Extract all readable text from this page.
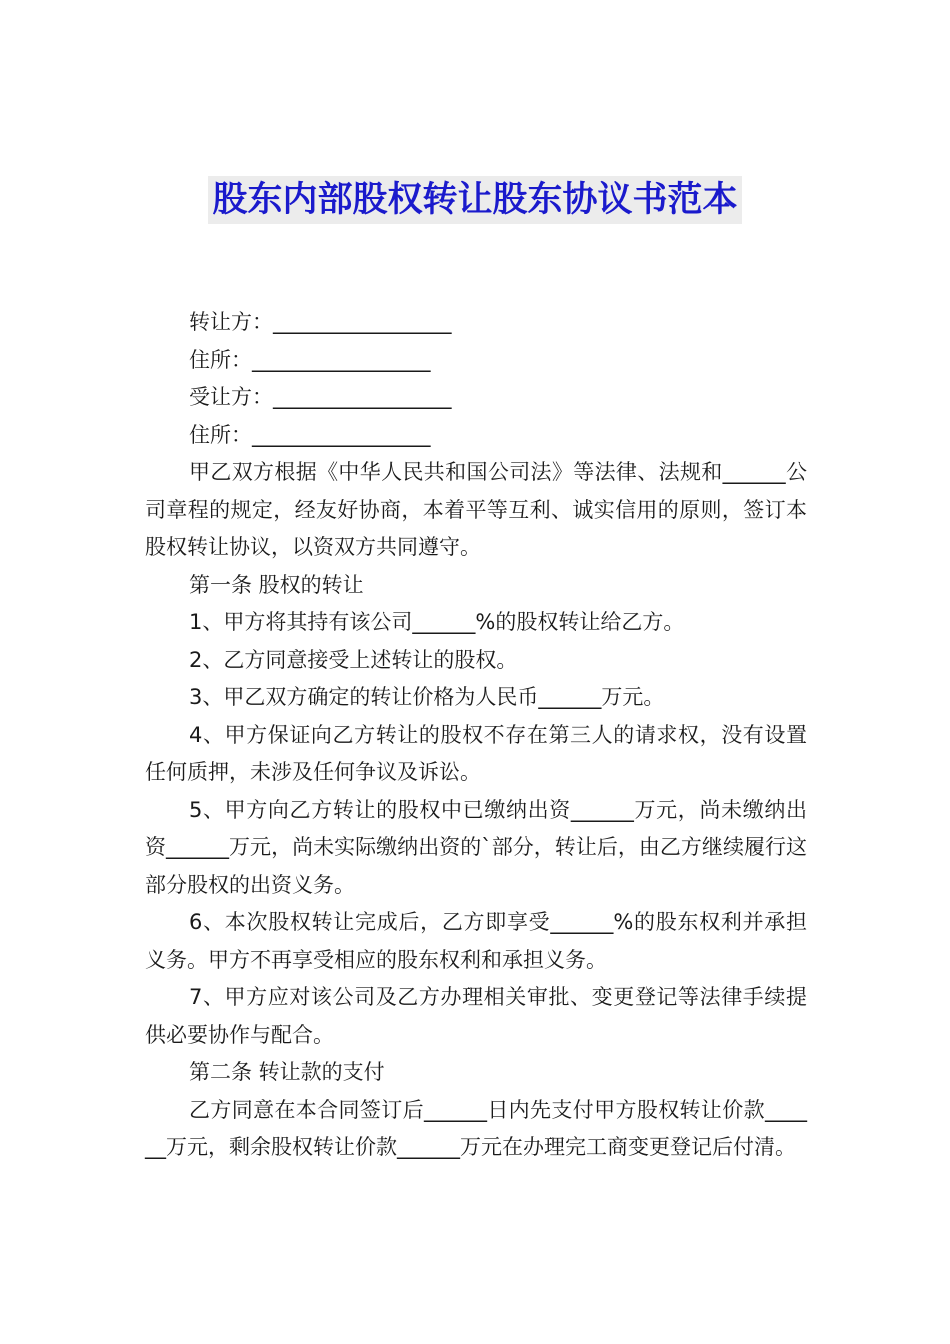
股东内部股权转让股东协议书范本

转让方：_________________

住所：_________________

受让方：_________________

住所：_________________

甲乙双方根据《中华人民共和国公司法》等法律、法规和______公司章程的规定，经友好协商，本着平等互利、诚实信用的原则，签订本股权转让协议，以资双方共同遵守。

第一条 股权的转让

1、甲方将其持有该公司______%的股权转让给乙方。

2、乙方同意接受上述转让的股权。

3、甲乙双方确定的转让价格为人民币______万元。

4、甲方保证向乙方转让的股权不存在第三人的请求权，没有设置任何质押，未涉及任何争议及诉讼。

5、甲方向乙方转让的股权中已缴纳出资______万元，尚未缴纳出资______万元，尚未实际缴纳出资的`部分，转让后，由乙方继续履行这部分股权的出资义务。

6、本次股权转让完成后，乙方即享受______%的股东权利并承担义务。甲方不再享受相应的股东权利和承担义务。

7、甲方应对该公司及乙方办理相关审批、变更登记等法律手续提供必要协作与配合。

第二条 转让款的支付

乙方同意在本合同签订后______日内先支付甲方股权转让价款______万元，剩余股权转让价款______万元在办理完工商变更登记后付清。
